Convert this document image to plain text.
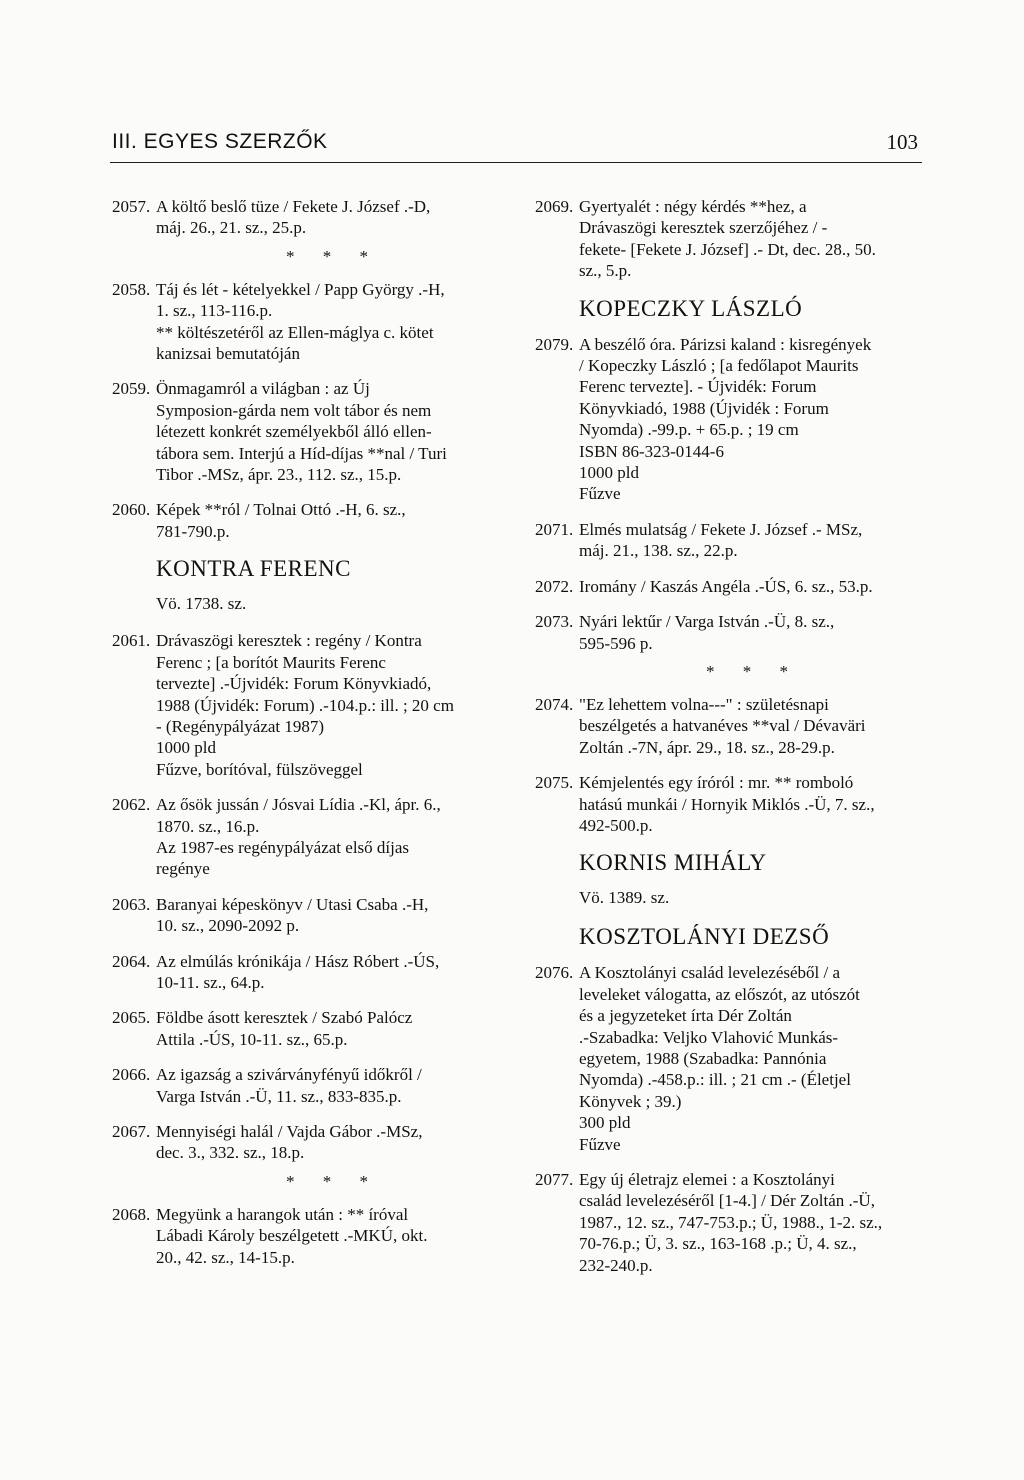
III. EGYES SZERZŐK	103
2057. A költő beslő tüze / Fekete J. József .-D,
máj. 26., 21. sz., 25.p.
* * *
2058. Táj és lét - kételyekkel / Papp György .-H,
1. sz., 113-116.p.
** költészetéről az Ellen-máglya c. kötet
kanizsai bemutatóján
2059. Önmagamról a világban : az Új
Symposion-gárda nem volt tábor és nem
létezett konkrét személyekből álló ellen-
tábora sem. Interjú a Híd-díjas **nal / Turi
Tibor .-MSz, ápr. 23., 112. sz., 15.p.
2060. Képek **ról / Tolnai Ottó .-H, 6. sz.,
781-790.p.
KONTRA FERENC
Vö. 1738. sz.
2061. Drávaszögi keresztek : regény / Kontra
Ferenc ; [a borítót Maurits Ferenc
tervezte] .-Újvidék: Forum Könyvkiadó,
1988 (Újvidék: Forum) .-104.p.: ill. ; 20 cm
- (Regénypályázat 1987)
1000 pld
Fűzve, borítóval, fülszöveggel
2062. Az ősök jussán / Jósvai Lídia .-Kl, ápr. 6.,
1870. sz., 16.p.
Az 1987-es regénypályázat első díjas
regénye
2063. Baranyai képeskönyv / Utasi Csaba .-H,
10. sz., 2090-2092 p.
2064. Az elmúlás krónikája / Hász Róbert .-ÚS,
10-11. sz., 64.p.
2065. Földbe ásott keresztek / Szabó Palócz
Attila .-ÚS, 10-11. sz., 65.p.
2066. Az igazság a szivárványfényű időkről /
Varga István .-Ü, 11. sz., 833-835.p.
2067. Mennyiségi halál / Vajda Gábor .-MSz,
dec. 3., 332. sz., 18.p.
* * *
2068. Megyünk a harangok után : ** íróval
Lábadi Károly beszélgetett .-MKÚ, okt.
20., 42. sz., 14-15.p.
2069. Gyertyalét : négy kérdés **hez, a
Drávaszögi keresztek szerzőjéhez / -
fekete- [Fekete J. József] .- Dt, dec. 28., 50.
sz., 5.p.
KOPECZKY LÁSZLÓ
2079. A beszélő óra. Párizsi kaland : kisregények
/ Kopeczky László ; [a fedőlapot Maurits
Ferenc tervezte]. - Újvidék: Forum
Könyvkiadó, 1988 (Újvidék : Forum
Nyomda) .-99.p. + 65.p. ; 19 cm
ISBN 86-323-0144-6
1000 pld
Fűzve
2071. Elmés mulatság / Fekete J. József .- MSz,
máj. 21., 138. sz., 22.p.
2072. Iromány / Kaszás Angéla .-ÚS, 6. sz., 53.p.
2073. Nyári lektűr / Varga István .-Ü, 8. sz.,
595-596 p.
* * *
2074. "Ez lehettem volna---" : születésnapi
beszélgetés a hatvanéves **val / Dévaväri
Zoltán .-7N, ápr. 29., 18. sz., 28-29.p.
2075. Kémjelentés egy íróról : mr. ** romboló
hatású munkái / Hornyik Miklós .-Ü, 7. sz.,
492-500.p.
KORNIS MIHÁLY
Vö. 1389. sz.
KOSZTOLÁNYI DEZSŐ
2076. A Kosztolányi család levelezéséből / a
leveleket válogatta, az előszót, az utószót
és a jegyzeteket írta Dér Zoltán
.-Szabadka: Veljko Vlahović Munkás-
egyetem, 1988 (Szabadka: Pannónia
Nyomda) .-458.p.: ill. ; 21 cm .- (Életjel
Könyvek ; 39.)
300 pld
Fűzve
2077. Egy új életrajz elemei : a Kosztolányi
család levelezéséről [1-4.] / Dér Zoltán .-Ü,
1987., 12. sz., 747-753.p.; Ü, 1988., 1-2. sz.,
70-76.p.; Ü, 3. sz., 163-168 .p.; Ü, 4. sz.,
232-240.p.
